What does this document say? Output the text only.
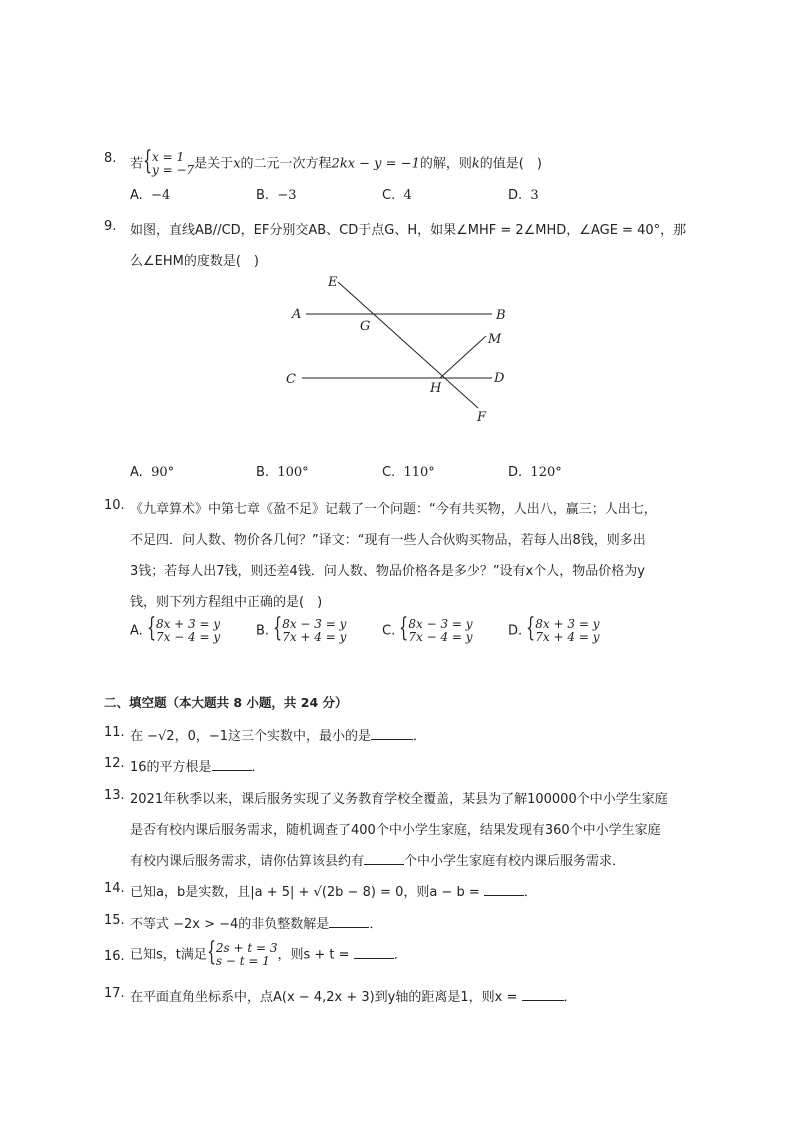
8.	若 { x = 1
y = −7 是关于x的二元一次方程2kx − y = −1的解，则k的值是(　)
A. −4	B. −3	C. 4	D. 3
9.	如图，直线AB//CD，EF分别交AB、CD于点G、H，如果∠MHF = 2∠MHD，∠AGE = 40°，那
么∠EHM的度数是(　)
E
A
G
B
M
C
H
D
F
A. 90°	B. 100°	C. 110°	D. 120°
10. 《九章算术》中第七章《盈不足》记载了一个问题：“今有共买物，人出八，赢三；人出七，
不足四．问人数、物价各几何？”译文：“现有一些人合伙购买物品，若每人出8钱，则多出
3钱；若每人出7钱，则还差4钱．问人数、物品价格各是多少？”设有x个人，物品价格为y
钱，则下列方程组中正确的是(　)
A. { 8x + 3 = y
7x − 4 = y	B. { 8x − 3 = y
7x + 4 = y	C. { 8x − 3 = y
7x − 4 = y	D. { 8x + 3 = y
7x + 4 = y
二、填空题（本大题共 8 小题，共 24 分）
11. 在 −√2，0，−1这三个实数中，最小的是	．
12. 16的平方根是	．
13. 2021年秋季以来，课后服务实现了义务教育学校全覆盖，某县为了解100000个中小学生家庭
是否有校内课后服务需求，随机调查了400个中小学生家庭，结果发现有360个中小学生家庭
有校内课后服务需求，请你估算该县约有	个中小学生家庭有校内课后服务需求．
14. 已知a，b是实数，且|a + 5| + √(2b − 8) = 0，则a − b =	．
15. 不等式 −2x > −4的非负整数解是	．
16. 已知s，t满足 { 2s + t = 3
s − t = 1 ，则s + t =	．
17. 在平面直角坐标系中，点A(x − 4,2x + 3)到y轴的距离是1，则x =	．
